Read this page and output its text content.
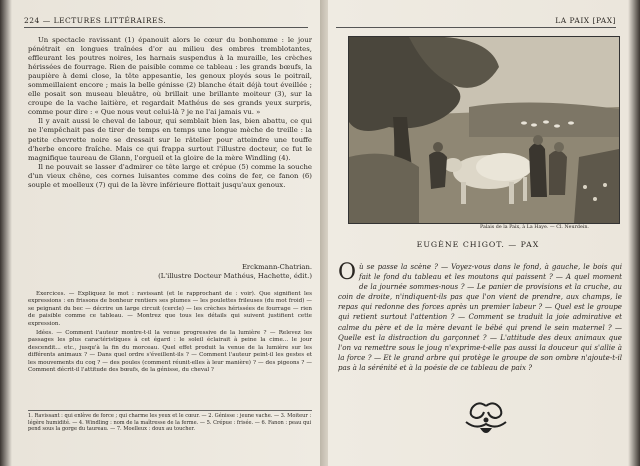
224 — LECTURES LITTÉRAIRES.

Un spectacle ravissant (1) épanouit alors le cœur du bonhomme : le jour pénétrait en longues traînées d'or au milieu des ombres tremblotantes, effleurant les poutres noires, les harnais suspendus à la muraille, les crèches hérissées de fourrage. Rien de paisible comme ce tableau : les grands bœufs, la paupière à demi close, la tête appesantie, les genoux ployés sous le poitrail, sommeillaient encore ; mais la belle génisse (2) blanche était déjà tout éveillée ; elle posait son museau bleuâtre, où brillait une brillante moiteur (3), sur la croupe de la vache laitière, et regardait Mathéus de ses grands yeux surpris, comme pour dire : « Que nous veut celui-là ? je ne l'ai jamais vu. »

Il y avait aussi le cheval de labour, qui semblait bien las, bien abattu, ce qui ne l'empêchait pas de tirer de temps en temps une longue mèche de treille : la petite chevrette noire se dressait sur le râtelier pour atteindre une touffe d'herbe encore fraîche. Mais ce qui frappa surtout l'illustre docteur, ce fut le magnifique taureau de Glann, l'orgueil et la gloire de la mère Windling (4).

Il ne pouvait se lasser d'admirer ce tête large et crépue (5) comme la souche d'un vieux chêne, ces cornes luisantes comme des coins de fer, ce fanon (6) souple et moelleux (7) qui de la lèvre inférieure flottait jusqu'aux genoux.

Erckmann-Chatrian.
(L'illustre Docteur Mathéus, Hachette, édit.)

Exercices. — Expliquez le mot : ravissant (et le rapprochant de : voir). Que signifient les expressions : en frissons de bonheur rentiers ses plumes — les poulettes frileuses (du mot froid) — se peignant du bec — décrire un large circuit (cercle) — les crèches hérissées de fourrage — rien de paisible comme ce tableau. — Montrez que tous les détails qui suivent justifient cette expression.

Idées. — Comment l'auteur montre-t-il la venue progressive de la lumière ? — Relevez les passages les plus caractéristiques à cet égard : le soleil éclairait à peine la cime... le jour descendit... etc., jusqu'à la fin du morceau. Quel effet produit la venue de la lumière sur les différents animaux ? — Dans quel ordre s'éveillent-ils ? — Comment l'auteur peint-il les gestes et les mouvements du coq ? — des poules (comment réunit-elles à leur manière) ? — des pigeons ? — Comment décrit-il l'attitude des bœufs, de la génisse, du cheval ?

1. Ravissant : qui enlève de force ; qui charme les yeux et le cœur. — 2. Génisse : jeune vache. — 3. Moiteur : légère humidité. — 4. Windling : nom de la maîtresse de la ferme. — 5. Crépue : frisée. — 6. Fanon : peau qui pend sous la gorge du taureau. — 7. Moelleux : doux au toucher.

LA PAIX [PAX]
Palais de la Paix, à La Haye. — Cl. Neurdein.
EUGÈNE CHIGOT. — PAX

Où se passe la scène ? — Voyez-vous dans le fond, à gauche, le bois qui fait le fond du tableau et les moutons qui paissent ? — A quel moment de la journée sommes-nous ? — Le panier de provisions et la cruche, au coin de droite, n'indiquent-ils pas que l'on vient de prendre, aux champs, le repas qui redonne des forces après un premier labeur ? — Quel est le groupe qui retient surtout l'attention ? — Comment se traduit la joie admirative et calme du père et de la mère devant le bébé qui prend le sein maternel ? — Quelle est la distraction du garçonnet ? — L'attitude des deux animaux que l'on va remettre sous le joug n'exprime-t-elle pas aussi la douceur qui s'allie à la force ? — Et le grand arbre qui protège le groupe de son ombre n'ajoute-t-il pas à la sérénité et à la poésie de ce tableau de paix ?
